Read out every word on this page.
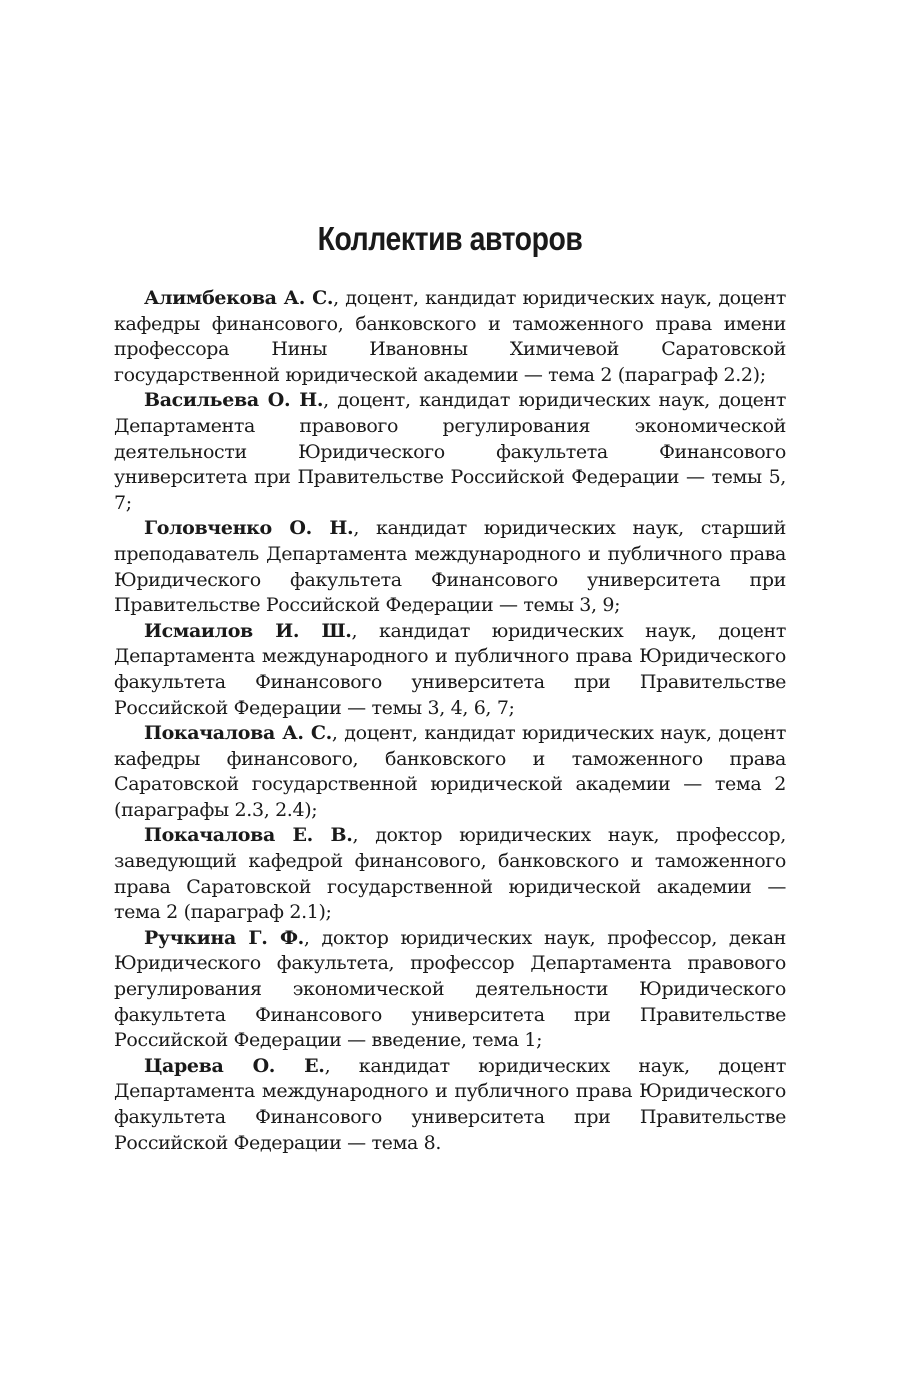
Коллектив авторов

Алимбекова А. С., доцент, кандидат юридических наук, доцент кафедры финансового, банковского и таможенного права имени профессора Нины Ивановны Химичевой Саратовской государственной юридической академии — тема 2 (параграф 2.2);

Васильева О. Н., доцент, кандидат юридических наук, доцент Департамента правового регулирования экономической деятельности Юридического факультета Финансового университета при Правительстве Российской Федерации — темы 5, 7;

Головченко О. Н., кандидат юридических наук, старший преподаватель Департамента международного и публичного права Юридического факультета Финансового университета при Правительстве Российской Федерации — темы 3, 9;

Исмаилов И. Ш., кандидат юридических наук, доцент Департамента международного и публичного права Юридического факультета Финансового университета при Правительстве Российской Федерации — темы 3, 4, 6, 7;

Покачалова А. С., доцент, кандидат юридических наук, доцент кафедры финансового, банковского и таможенного права Саратовской государственной юридической академии — тема 2 (параграфы 2.3, 2.4);

Покачалова Е. В., доктор юридических наук, профессор, заведующий кафедрой финансового, банковского и таможенного права Саратовской государственной юридической академии — тема 2 (параграф 2.1);

Ручкина Г. Ф., доктор юридических наук, профессор, декан Юридического факультета, профессор Департамента правового регулирования экономической деятельности Юридического факультета Финансового университета при Правительстве Российской Федерации — введение, тема 1;

Царева О. Е., кандидат юридических наук, доцент Департамента международного и публичного права Юридического факультета Финансового университета при Правительстве Российской Федерации — тема 8.
